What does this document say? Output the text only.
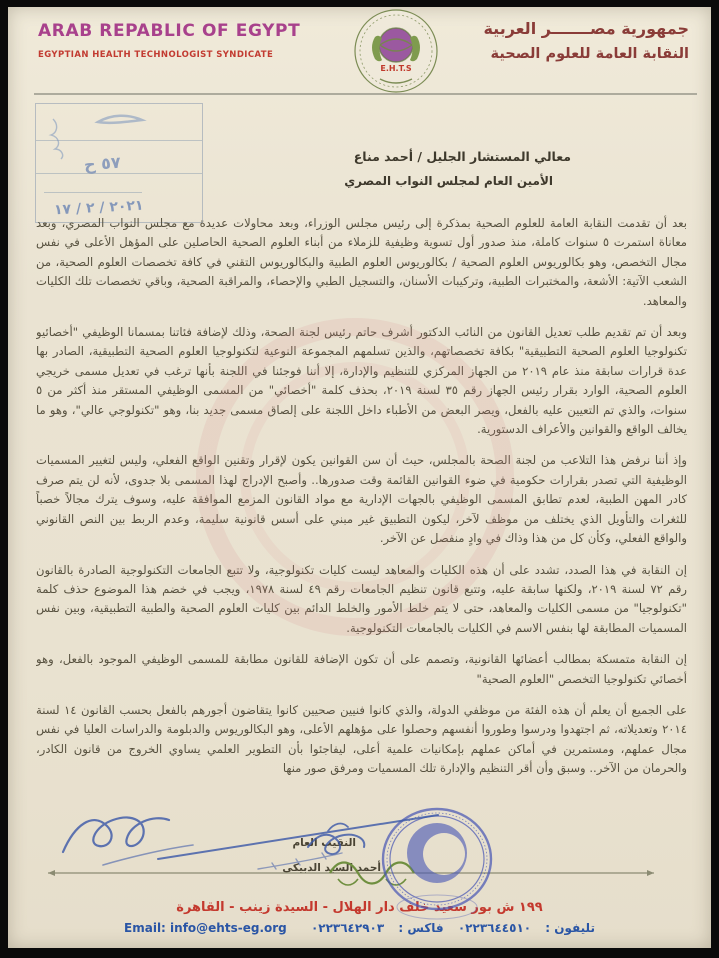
ARAB REPABLIC OF EGYPT
EGYPTIAN HEALTH TECHNOLOGIST SYNDICATE
E.H.T.S
جمهورية مصـــــــر العربية
النقابة العامة للعلوم الصحية
٥٧ ح
٢٠٢١ / ٢ / ١٧
معالي المستشار الجليل / أحمد مناع
الأمين العام لمجلس النواب المصري

بعد أن تقدمت النقابة العامة للعلوم الصحية بمذكرة إلى رئيس مجلس الوزراء، وبعد محاولات عديدة مع مجلس النواب المصري، وبعد معاناة استمرت ٥ سنوات كاملة، منذ صدور أول تسوية وظيفية للزملاء من أبناء العلوم الصحية الحاصلين على المؤهل الأعلى في نفس مجال التخصص، وهو بكالوريوس العلوم الصحية / بكالوريوس العلوم الطبية والبكالوريوس التقني في كافة تخصصات العلوم الصحية، من الشعب الآتية: الأشعة، والمختبرات الطبية، وتركيبات الأسنان، والتسجيل الطبي والإحصاء، والمراقبة الصحية، وباقي تخصصات تلك الكليات والمعاهد.

وبعد أن تم تقديم طلب تعديل القانون من النائب الدكتور أشرف حاتم رئيس لجنة الصحة، وذلك لإضافة فئاتنا بمسمانا الوظيفي "أخصائيو تكنولوجيا العلوم الصحية التطبيقية" بكافة تخصصاتهم، والذين تسلمهم المجموعة النوعية لتكنولوجيا العلوم الصحية التطبيقية، الصادر بها عدة قرارات سابقة منذ عام ٢٠١٩ من الجهاز المركزي للتنظيم والإدارة، إلا أننا فوجئنا في اللجنة بأنها ترغب في تعديل مسمى خريجي العلوم الصحية، الوارد بقرار رئيس الجهاز رقم ٣٥ لسنة ٢٠١٩، بحذف كلمة "أخصائي" من المسمى الوظيفي المستقر منذ أكثر من ٥ سنوات، والذي تم التعيين عليه بالفعل، ويصر البعض من الأطباء داخل اللجنة على إلصاق مسمى جديد بنا، وهو "تكنولوجي عالي"، وهو ما يخالف الواقع والقوانين والأعراف الدستورية.

وإذ أننا نرفض هذا التلاعب من لجنة الصحة بالمجلس، حيث أن سن القوانين يكون لإقرار وتقنين الواقع الفعلي، وليس لتغيير المسميات الوظيفية التي تصدر بقرارات حكومية في ضوء القوانين القائمة وقت صدورها.. وأصبح الإدراج لهذا المسمى بلا جدوى، لأنه لن يتم صرف كادر المهن الطبية، لعدم تطابق المسمى الوظيفي بالجهات الإدارية مع مواد القانون المزمع الموافقة عليه، وسوف يترك مجالاً خصباً للثغرات والتأويل الذي يختلف من موظف لآخر، ليكون التطبيق غير مبني على أسس قانونية سليمة، وعدم الربط بين النص القانوني والواقع الفعلي، وكأن كل من هذا وذاك في وادٍ منفصل عن الآخر.

إن النقابة في هذا الصدد، تشدد على أن هذه الكليات والمعاهد ليست كليات تكنولوجية، ولا تتبع الجامعات التكنولوجية الصادرة بالقانون رقم ٧٢ لسنة ٢٠١٩، ولكنها سابقة عليه، وتتبع قانون تنظيم الجامعات رقم ٤٩ لسنة ١٩٧٨، ويجب في خضم هذا الموضوع حذف كلمة "تكنولوجيا" من مسمى الكليات والمعاهد، حتى لا يتم خلط الأمور والخلط الدائم بين كليات العلوم الصحية والطبية التطبيقية، وبين نفس المسميات المطابقة لها بنفس الاسم في الكليات بالجامعات التكنولوجية.

إن النقابة متمسكة بمطالب أعضائها القانونية، وتصمم على أن تكون الإضافة للقانون مطابقة للمسمى الوظيفي الموجود بالفعل، وهو أخصائي تكنولوجيا التخصص "العلوم الصحية"

على الجميع أن يعلم أن هذه الفئة من موظفي الدولة، والذي كانوا فنيين صحيين كانوا يتقاضون أجورهم بالفعل بحسب القانون ١٤ لسنة ٢٠١٤ وتعديلاته، ثم اجتهدوا ودرسوا وطوروا أنفسهم وحصلوا على مؤهلهم الأعلى، وهو البكالوريوس والدبلومة والدراسات العليا في نفس مجال عملهم، ومستمرين في أماكن عملهم بإمكانيات علمية أعلى، ليفاجئوا بأن التطوير العلمي يساوي الخروج من قانون الكادر، والحرمان من الآخر.. وسبق وأن أقر التنظيم والإدارة تلك المسميات ومرفق صور منها

النقيب العام
أحمد السيد الدبيكي
١٩٩ ش بور سعيد خلف دار الهلال - السيدة زينب - القاهرة
تليفون : ٠٢٢٣٦٤٤٥١٠ فاكس : ٠٢٢٣٦٤٢٩٠٣ Email: info@ehts-eg.org
